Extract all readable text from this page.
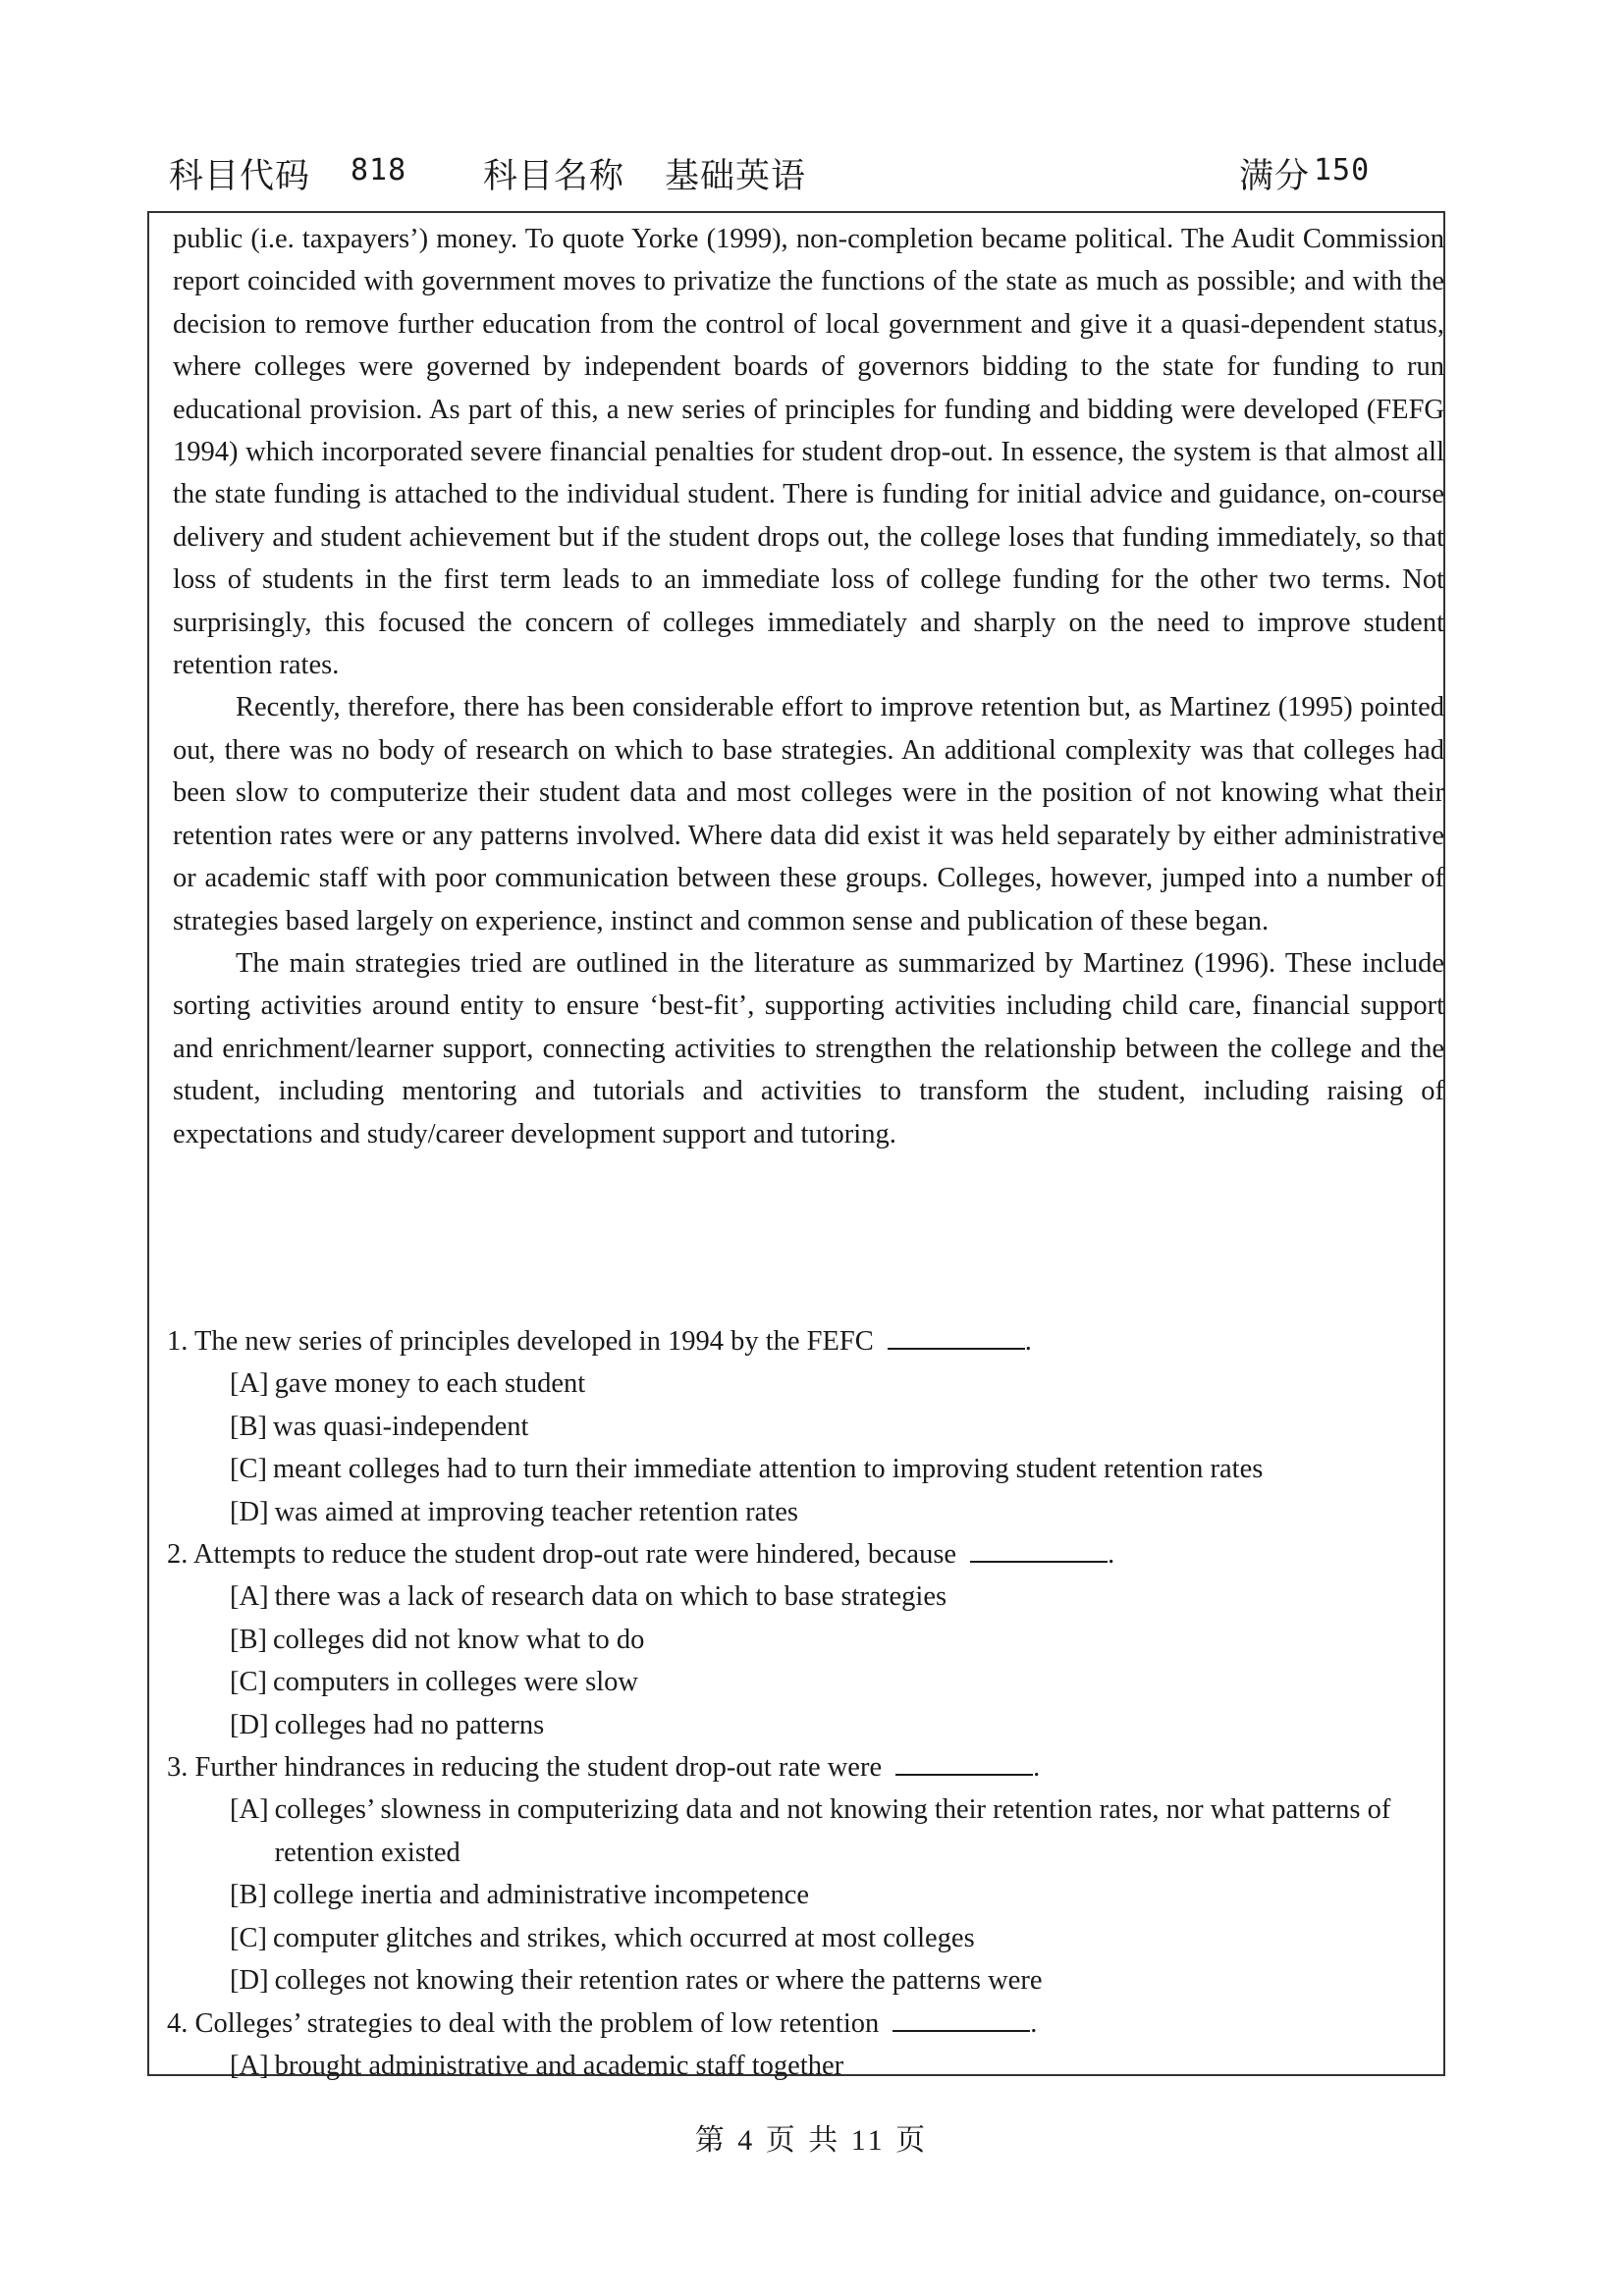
科目代码 818 科目名称 基础英语	满分 150

public (i.e. taxpayers’) money. To quote Yorke (1999), non-completion became political. The Audit Commission report coincided with government moves to privatize the functions of the state as much as possible; and with the decision to remove further education from the control of local government and give it a quasi-dependent status, where colleges were governed by independent boards of governors bidding to the state for funding to run educational provision. As part of this, a new series of principles for funding and bidding were developed (FEFG 1994) which incorporated severe financial penalties for student drop-out. In essence, the system is that almost all the state funding is attached to the individual student. There is funding for initial advice and guidance, on-course delivery and student achievement but if the student drops out, the college loses that funding immediately, so that loss of students in the first term leads to an immediate loss of college funding for the other two terms. Not surprisingly, this focused the concern of colleges immediately and sharply on the need to improve student retention rates.

Recently, therefore, there has been considerable effort to improve retention but, as Martinez (1995) pointed out, there was no body of research on which to base strategies. An additional complexity was that colleges had been slow to computerize their student data and most colleges were in the position of not knowing what their retention rates were or any patterns involved. Where data did exist it was held separately by either administrative or academic staff with poor communication between these groups. Colleges, however, jumped into a number of strategies based largely on experience, instinct and common sense and publication of these began.

The main strategies tried are outlined in the literature as summarized by Martinez (1996). These include sorting activities around entity to ensure ‘best-fit’, supporting activities including child care, financial support and enrichment/learner support, connecting activities to strengthen the relationship between the college and the student, including mentoring and tutorials and activities to transform the student, including raising of expectations and study/career development support and tutoring.

1. The new series of principles developed in 1994 by the FEFC	.

[A] gave money to each student
[B] was quasi-independent
[C] meant colleges had to turn their immediate attention to improving student retention rates
[D] was aimed at improving teacher retention rates

2. Attempts to reduce the student drop-out rate were hindered, because	.

[A] there was a lack of research data on which to base strategies
[B] colleges did not know what to do
[C] computers in colleges were slow
[D] colleges had no patterns

3. Further hindrances in reducing the student drop-out rate were	.

[A] colleges’ slowness in computerizing data and not knowing their retention rates, nor what patterns of retention existed
[B] college inertia and administrative incompetence
[C] computer glitches and strikes, which occurred at most colleges
[D] colleges not knowing their retention rates or where the patterns were

4. Colleges’ strategies to deal with the problem of low retention	.

[A] brought administrative and academic staff together
第 4 页 共 11 页
